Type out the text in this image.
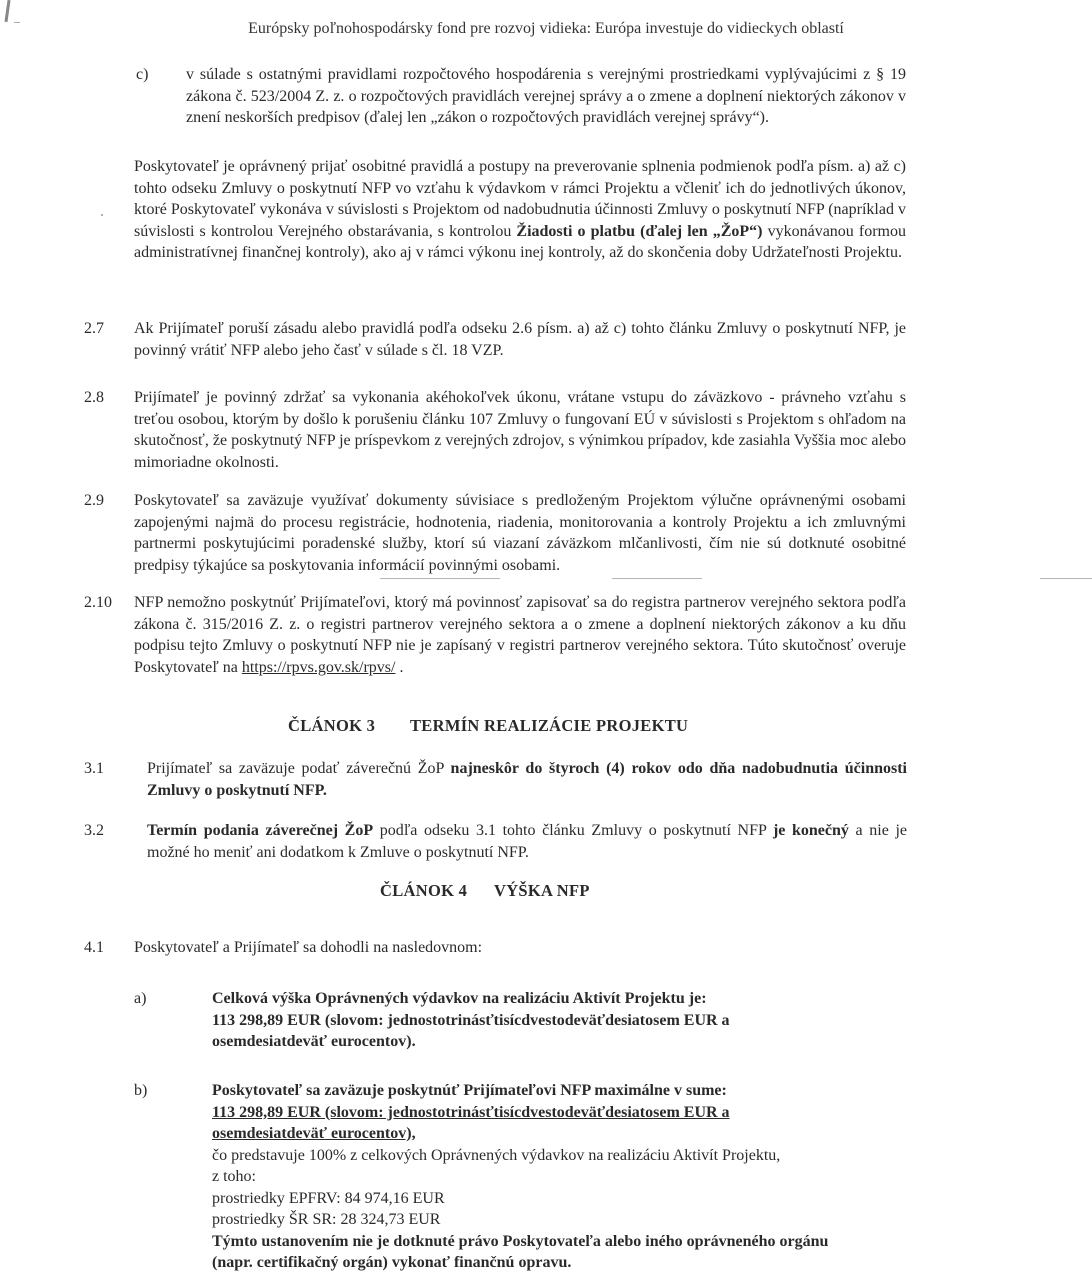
Európsky poľnohospodársky fond pre rozvoj vidieka: Európa investuje do vidieckych oblastí
c) v súlade s ostatnými pravidlami rozpočtového hospodárenia s verejnými prostriedkami vyplývajúcimi z § 19 zákona č. 523/2004 Z. z. o rozpočtových pravidlách verejnej správy a o zmene a doplnení niektorých zákonov v znení neskorších predpisov (ďalej len „zákon o rozpočtových pravidlách verejnej správy“).
Poskytovateľ je oprávnený prijať osobitné pravidlá a postupy na preverovanie splnenia podmienok podľa písm. a) až c) tohto odseku Zmluvy o poskytnutí NFP vo vzťahu k výdavkom v rámci Projektu a včleniť ich do jednotlivých úkonov, ktoré Poskytovateľ vykonáva v súvislosti s Projektom od nadobudnutia účinnosti Zmluvy o poskytnutí NFP (napríklad v súvislosti s kontrolou Verejného obstarávania, s kontrolou Žiadosti o platbu (ďalej len „ŽoP“) vykonávanou formou administratívnej finančnej kontroly), ako aj v rámci výkonu inej kontroly, až do skončenia doby Udržateľnosti Projektu.
2.7 Ak Prijímateľ poruší zásadu alebo pravidlá podľa odseku 2.6 písm. a) až c) tohto článku Zmluvy o poskytnutí NFP, je povinný vrátiť NFP alebo jeho časť v súlade s čl. 18 VZP.
2.8 Prijímateľ je povinný zdržať sa vykonania akéhokoľvek úkonu, vrátane vstupu do záväzkovo - právneho vzťahu s treťou osobou, ktorým by došlo k porušeniu článku 107 Zmluvy o fungovaní EÚ v súvislosti s Projektom s ohľadom na skutočnosť, že poskytnutý NFP je príspevkom z verejných zdrojov, s výnimkou prípadov, kde zasiahla Vyššia moc alebo mimoriadne okolnosti.
2.9 Poskytovateľ sa zaväzuje využívať dokumenty súvisiace s predloženým Projektom výlučne oprávnenými osobami zapojenými najmä do procesu registrácie, hodnotenia, riadenia, monitorovania a kontroly Projektu a ich zmluvnými partnermi poskytujúcimi poradenské služby, ktorí sú viazaní záväzkom mlčanlivosti, čím nie sú dotknuté osobitné predpisy týkajúce sa poskytovania informácií povinnými osobami.
2.10 NFP nemožno poskytnúť Prijímateľovi, ktorý má povinnosť zapisovať sa do registra partnerov verejného sektora podľa zákona č. 315/2016 Z. z. o registri partnerov verejného sektora a o zmene a doplnení niektorých zákonov a ku dňu podpisu tejto Zmluvy o poskytnutí NFP nie je zapísaný v registri partnerov verejného sektora. Túto skutočnosť overuje Poskytovateľ na https://rpvs.gov.sk/rpvs/ .
ČLÁNOK 3 TERMÍN REALIZÁCIE PROJEKTU
3.1	Prijímateľ sa zaväzuje podať záverečnú ŽoP najneskôr do štyroch (4) rokov odo dňa nadobudnutia účinnosti Zmluvy o poskytnutí NFP.
3.2	Termín podania záverečnej ŽoP podľa odseku 3.1 tohto článku Zmluvy o poskytnutí NFP je konečný a nie je možné ho meniť ani dodatkom k Zmluve o poskytnutí NFP.
ČLÁNOK 4 VÝŠKA NFP
4.1 Poskytovateľ a Prijímateľ sa dohodli na nasledovnom:
a)	Celková výška Oprávnených výdavkov na realizáciu Aktivít Projektu je:
113 298,89 EUR (slovom: jednostotrinásťtisícdvestodeväťdesiatosem EUR a
osemdesiatdeväť eurocentov).
b)	Poskytovateľ sa zaväzuje poskytnúť Prijímateľovi NFP maximálne v sume:
113 298,89 EUR (slovom: jednostotrinásťtisícdvestodeväťdesiatosem EUR a
osemdesiatdeväť eurocentov),
čo predstavuje 100% z celkových Oprávnených výdavkov na realizáciu Aktivít Projektu,
z toho:
prostriedky EPFRV: 84 974,16 EUR
prostriedky ŠR SR: 28 324,73 EUR
Týmto ustanovením nie je dotknuté právo Poskytovateľa alebo iného oprávneného orgánu
(napr. certifikačný orgán) vykonať finančnú opravu.
